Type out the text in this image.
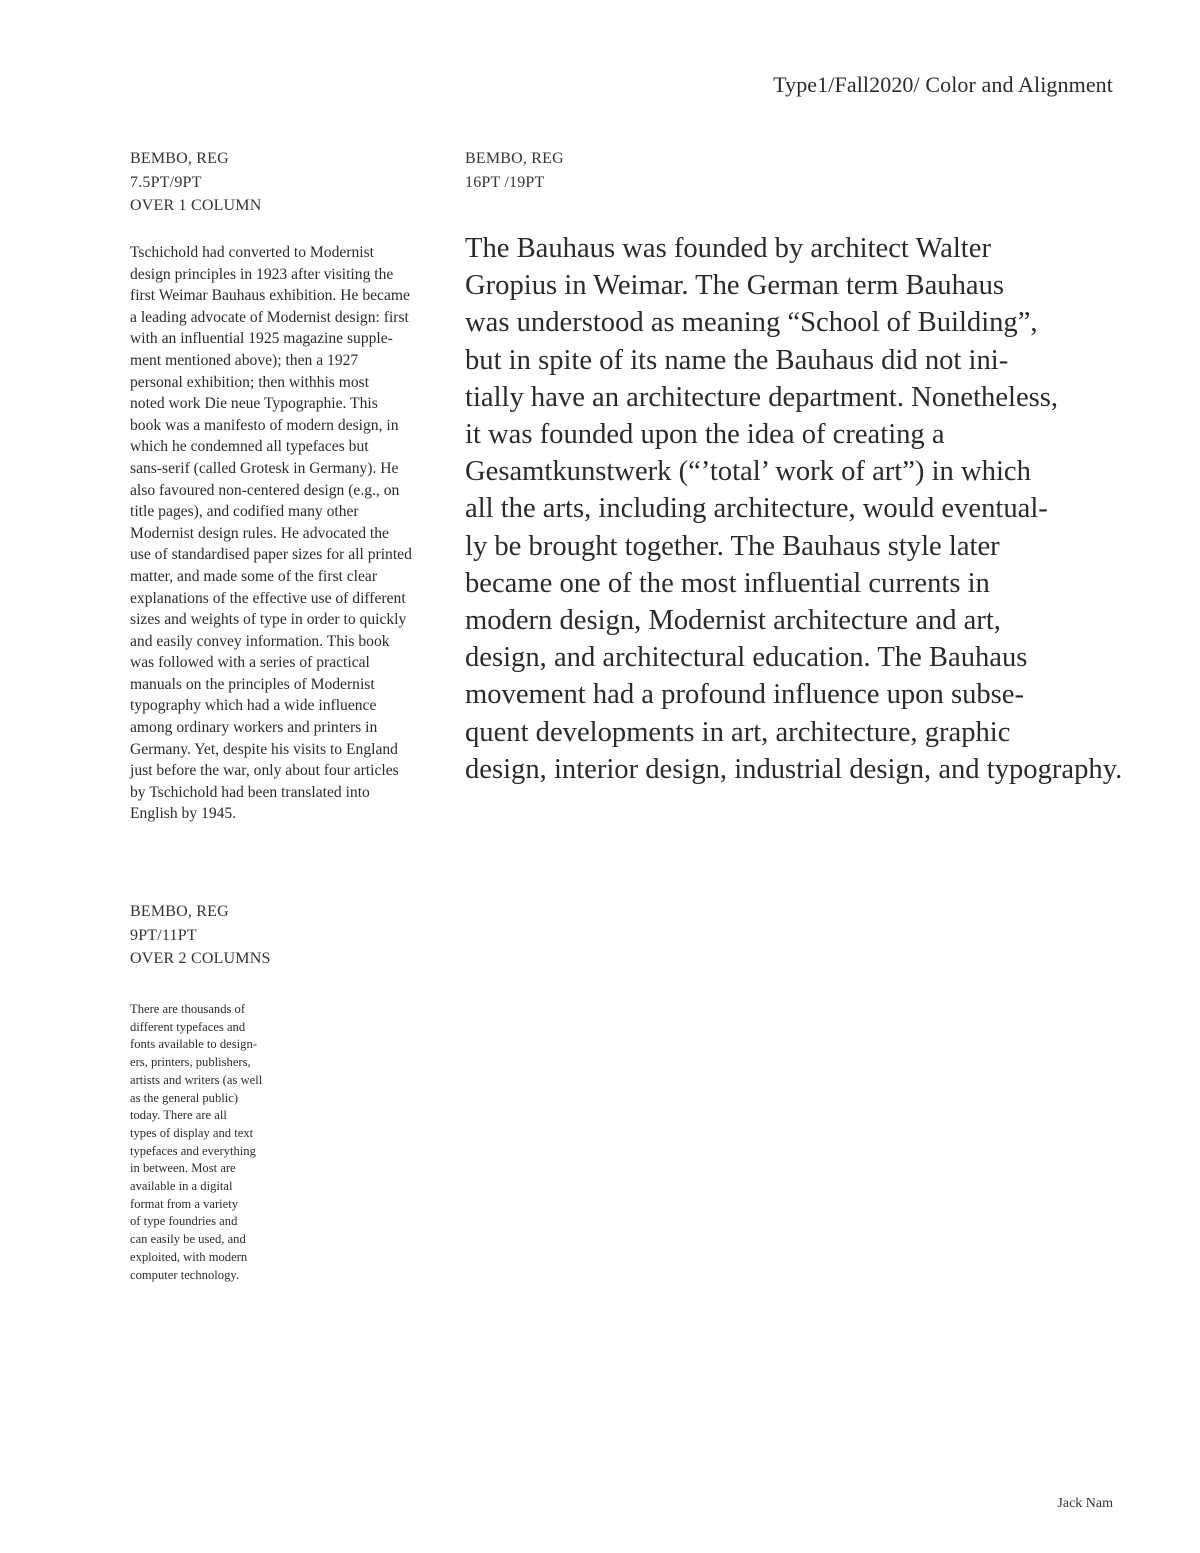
Type1/Fall2020/ Color and Alignment
BEMBO, REG
7.5PT/9PT
OVER 1 COLUMN
BEMBO, REG
16PT /19PT
BEMBO, REG
9PT/11PT
OVER 2 COLUMNS
Tschichold had converted to Modernist
design principles in 1923 after visiting the
first Weimar Bauhaus exhibition. He became
a leading advocate of Modernist design: first
with an influential 1925 magazine supple-
ment mentioned above); then a 1927
personal exhibition; then withhis most
noted work Die neue Typographie. This
book was a manifesto of modern design, in
which he condemned all typefaces but
sans-serif (called Grotesk in Germany). He
also favoured non-centered design (e.g., on
title pages), and codified many other
Modernist design rules. He advocated the
use of standardised paper sizes for all printed
matter, and made some of the first clear
explanations of the effective use of different
sizes and weights of type in order to quickly
and easily convey information. This book
was followed with a series of practical
manuals on the principles of Modernist
typography which had a wide influence
among ordinary workers and printers in
Germany. Yet, despite his visits to England
just before the war, only about four articles
by Tschichold had been translated into
English by 1945.
The Bauhaus was founded by architect Walter
Gropius in Weimar. The German term Bauhaus
was understood as meaning “School of Building”,
but in spite of its name the Bauhaus did not ini-
tially have an architecture department. Nonetheless,
it was founded upon the idea of creating a
Gesamtkunstwerk (“’total’ work of art”) in which
all the arts, including architecture, would eventual-
ly be brought together. The Bauhaus style later
became one of the most influential currents in
modern design, Modernist architecture and art,
design, and architectural education. The Bauhaus
movement had a profound influence upon subse-
quent developments in art, architecture, graphic
design, interior design, industrial design, and typography.
There are thousands of
different typefaces and
fonts available to design-
ers, printers, publishers,
artists and writers (as well
as the general public)
today. There are all
types of display and text
typefaces and everything
in between. Most are
available in a digital
format from a variety
of type foundries and
can easily be used, and
exploited, with modern
computer technology.
Jack Nam
